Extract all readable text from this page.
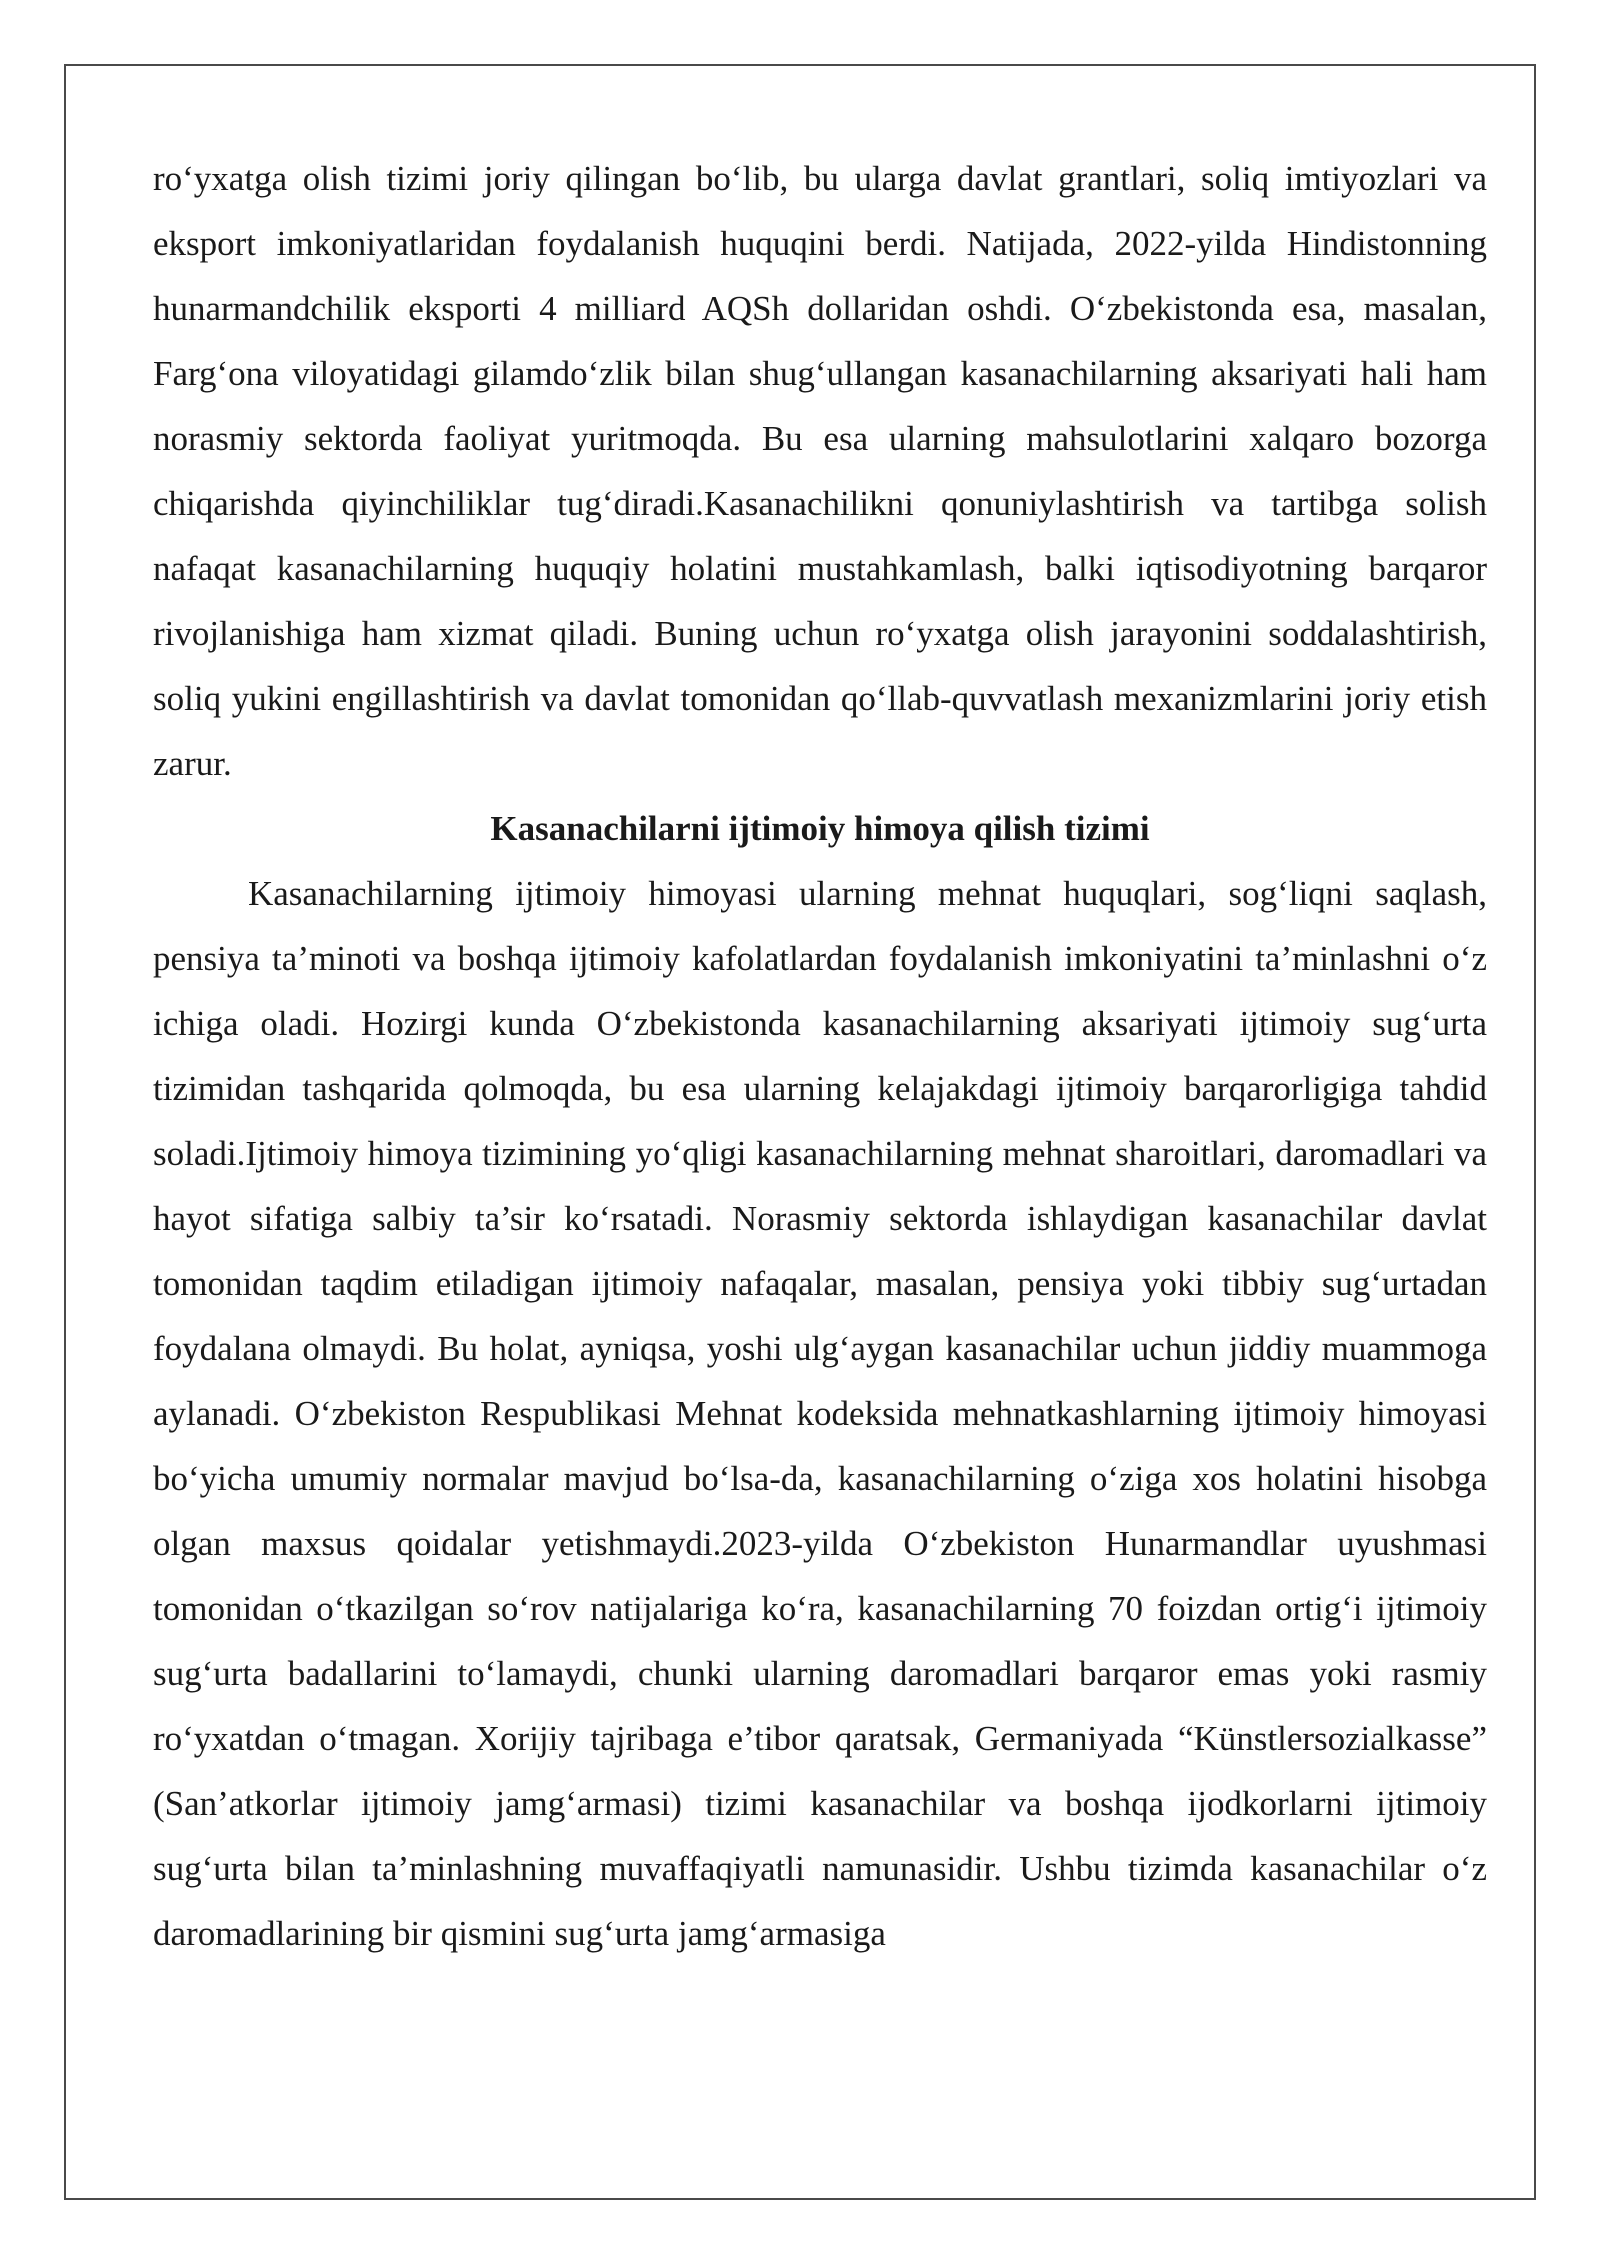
ro‘yxatga olish tizimi joriy qilingan bo‘lib, bu ularga davlat grantlari, soliq imtiyozlari va eksport imkoniyatlaridan foydalanish huquqini berdi. Natijada, 2022-yilda Hindistonning hunarmandchilik eksporti 4 milliard AQSh dollaridan oshdi. O‘zbekistonda esa, masalan, Farg‘ona viloyatidagi gilamdo‘zlik bilan shug‘ullangan kasanachilarning aksariyati hali ham norasmiy sektorda faoliyat yuritmoqda. Bu esa ularning mahsulotlarini xalqaro bozorga chiqarishda qiyinchiliklar tug‘diradi.Kasanachilikni qonuniylashtirish va tartibga solish nafaqat kasanachilarning huquqiy holatini mustahkamlash, balki iqtisodiyotning barqaror rivojlanishiga ham xizmat qiladi. Buning uchun ro‘yxatga olish jarayonini soddalashtirish, soliq yukini engillashtirish va davlat tomonidan qo‘llab-quvvatlash mexanizmlarini joriy etish zarur.

Kasanachilarni ijtimoiy himoya qilish tizimi

Kasanachilarning ijtimoiy himoyasi ularning mehnat huquqlari, sog‘liqni saqlash, pensiya ta’minoti va boshqa ijtimoiy kafolatlardan foydalanish imkoniyatini ta’minlashni o‘z ichiga oladi. Hozirgi kunda O‘zbekistonda kasanachilarning aksariyati ijtimoiy sug‘urta tizimidan tashqarida qolmoqda, bu esa ularning kelajakdagi ijtimoiy barqarorligiga tahdid soladi.Ijtimoiy himoya tizimining yo‘qligi kasanachilarning mehnat sharoitlari, daromadlari va hayot sifatiga salbiy ta’sir ko‘rsatadi. Norasmiy sektorda ishlaydigan kasanachilar davlat tomonidan taqdim etiladigan ijtimoiy nafaqalar, masalan, pensiya yoki tibbiy sug‘urtadan foydalana olmaydi. Bu holat, ayniqsa, yoshi ulg‘aygan kasanachilar uchun jiddiy muammoga aylanadi. O‘zbekiston Respublikasi Mehnat kodeksida mehnatkashlarning ijtimoiy himoyasi bo‘yicha umumiy normalar mavjud bo‘lsa-da, kasanachilarning o‘ziga xos holatini hisobga olgan maxsus qoidalar yetishmaydi.2023-yilda O‘zbekiston Hunarmandlar uyushmasi tomonidan o‘tkazilgan so‘rov natijalariga ko‘ra, kasanachilarning 70 foizdan ortig‘i ijtimoiy sug‘urta badallarini to‘lamaydi, chunki ularning daromadlari barqaror emas yoki rasmiy ro‘yxatdan o‘tmagan. Xorijiy tajribaga e’tibor qaratsak, Germaniyada “Künstlersozialkasse” (San’atkorlar ijtimoiy jamg‘armasi) tizimi kasanachilar va boshqa ijodkorlarni ijtimoiy sug‘urta bilan ta’minlashning muvaffaqiyatli namunasidir. Ushbu tizimda kasanachilar o‘z daromadlarining bir qismini sug‘urta jamg‘armasiga
